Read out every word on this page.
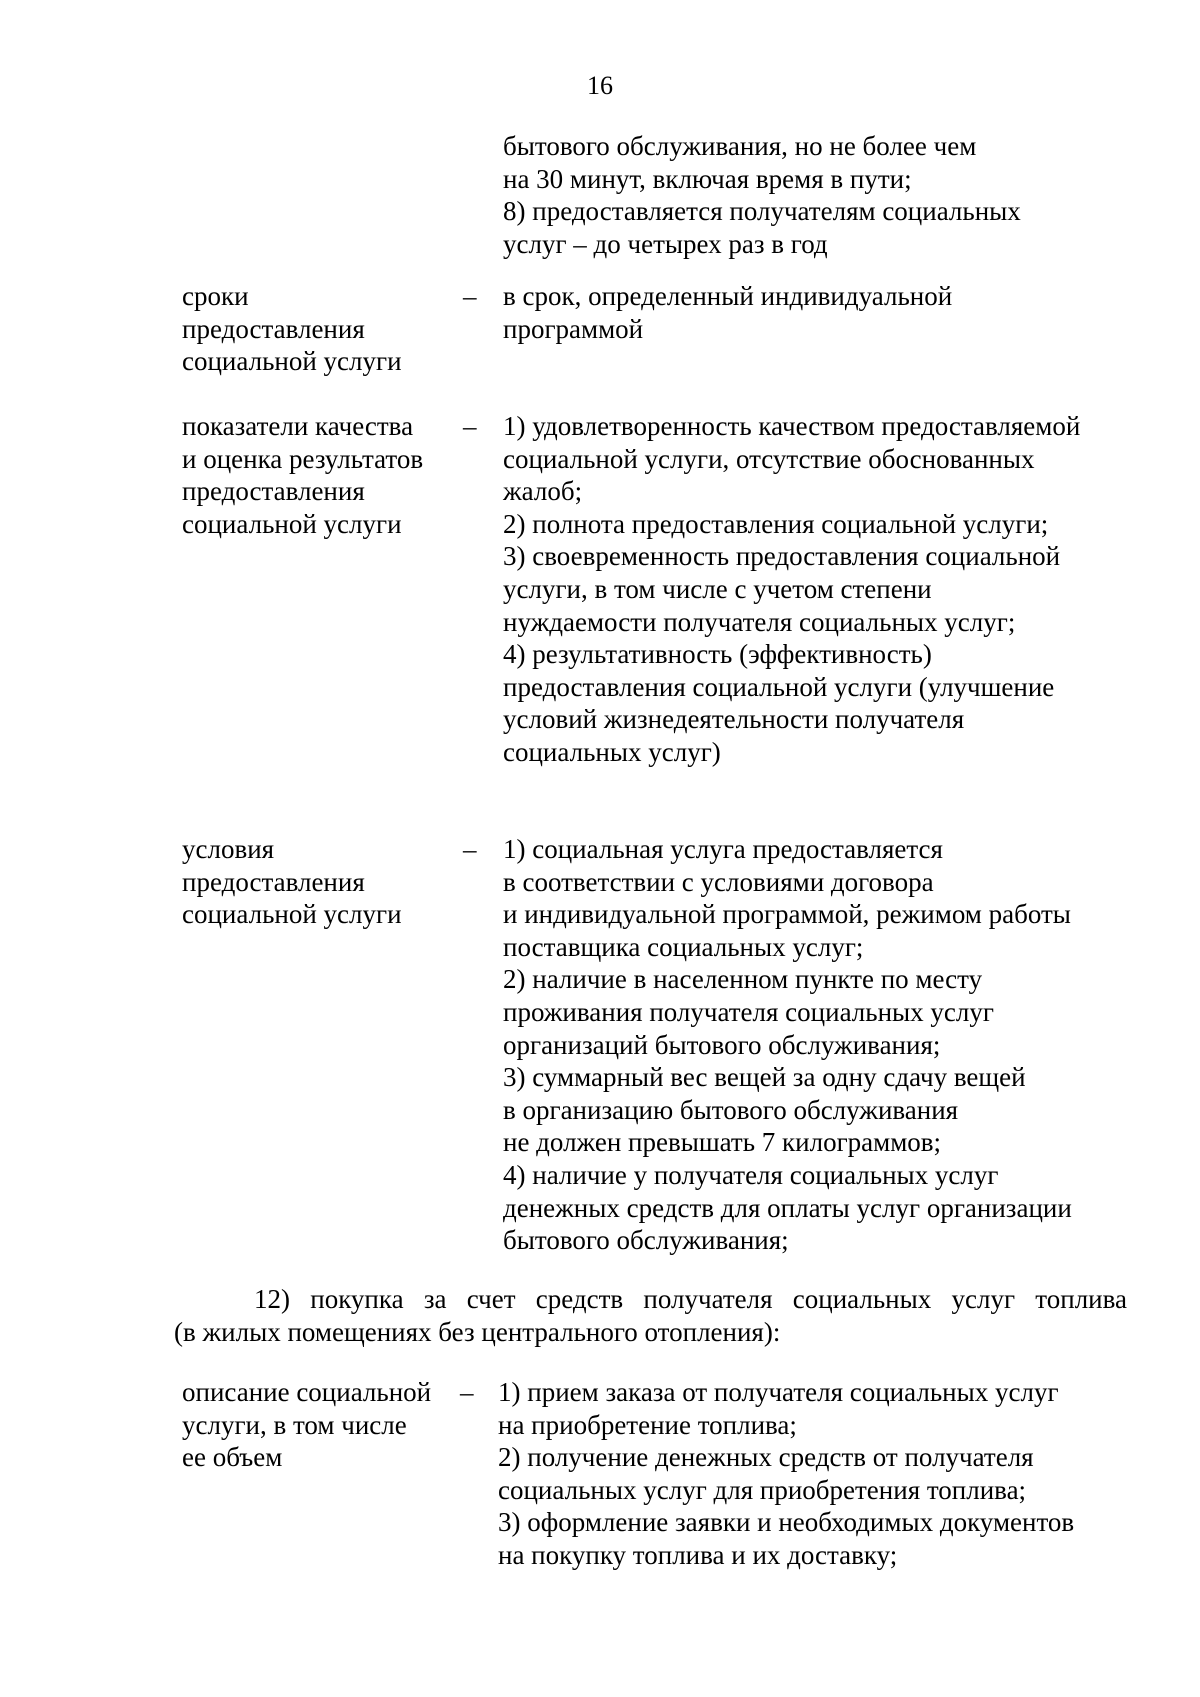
16
бытового обслуживания, но не более чем
на 30 минут, включая время в пути;
8) предоставляется получателям социальных
услуг – до четырех раз в год
сроки
предоставления
социальной услуги
– в срок, определенный индивидуальной
программой
показатели качества
и оценка результатов
предоставления
социальной услуги
– 1) удовлетворенность качеством предоставляемой
социальной услуги, отсутствие обоснованных
жалоб;
2) полнота предоставления социальной услуги;
3) своевременность предоставления социальной
услуги, в том числе с учетом степени
нуждаемости получателя социальных услуг;
4) результативность (эффективность)
предоставления социальной услуги (улучшение
условий жизнедеятельности получателя
социальных услуг)
условия
предоставления
социальной услуги
– 1) социальная услуга предоставляется
в соответствии с условиями договора
и индивидуальной программой, режимом работы
поставщика социальных услуг;
2) наличие в населенном пункте по месту
проживания получателя социальных услуг
организаций бытового обслуживания;
3) суммарный вес вещей за одну сдачу вещей
в организацию бытового обслуживания
не должен превышать 7 килограммов;
4) наличие у получателя социальных услуг
денежных средств для оплаты услуг организации
бытового обслуживания;
12) покупка за счет средств получателя социальных услуг топлива
(в жилых помещениях без центрального отопления):
описание социальной
услуги, в том числе
ее объем
– 1) прием заказа от получателя социальных услуг
на приобретение топлива;
2) получение денежных средств от получателя
социальных услуг для приобретения топлива;
3) оформление заявки и необходимых документов
на покупку топлива и их доставку;
